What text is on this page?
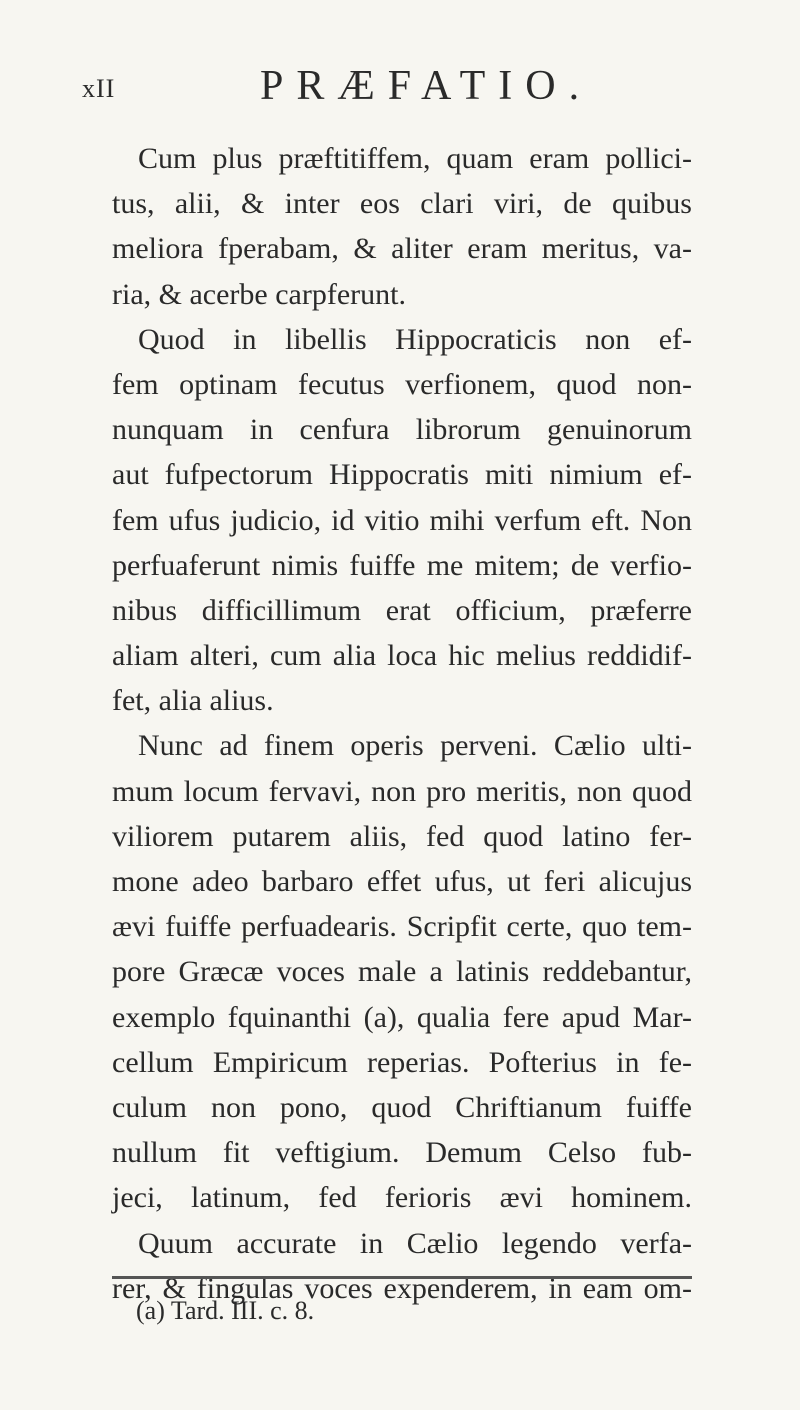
xII	PRÆFATIO.
Cum plus præftitiffem, quam eram pollici-
tus, alii, & inter eos clari viri, de quibus
meliora fperabam, & aliter eram meritus, va-
ria, & acerbe carpferunt.
Quod in libellis Hippocraticis non ef-
fem optinam fecutus verfionem, quod non-
nunquam in cenfura librorum genuinorum
aut fufpectorum Hippocratis miti nimium ef-
fem ufus judicio, id vitio mihi verfum eft. Non
perfuaferunt nimis fuiffe me mitem; de verfio-
nibus difficillimum erat officium, præferre
aliam alteri, cum alia loca hic melius reddidif-
fet, alia alius.
Nunc ad finem operis perveni. Cælio ulti-
mum locum fervavi, non pro meritis, non quod
viliorem putarem aliis, fed quod latino fer-
mone adeo barbaro effet ufus, ut feri alicujus
ævi fuiffe perfuadearis. Scripfit certe, quo tem-
pore Græcæ voces male a latinis reddebantur,
exemplo fquinanthi (a), qualia fere apud Mar-
cellum Empiricum reperias. Pofterius in fe-
culum non pono, quod Chriftianum fuiffe
nullum fit veftigium. Demum Celso fub-
jeci, latinum, fed ferioris ævi hominem.
Quum accurate in Cælio legendo verfa-
rer, & fingulas voces expenderem, in eam om-
(a) Tard. III. c. 8.
